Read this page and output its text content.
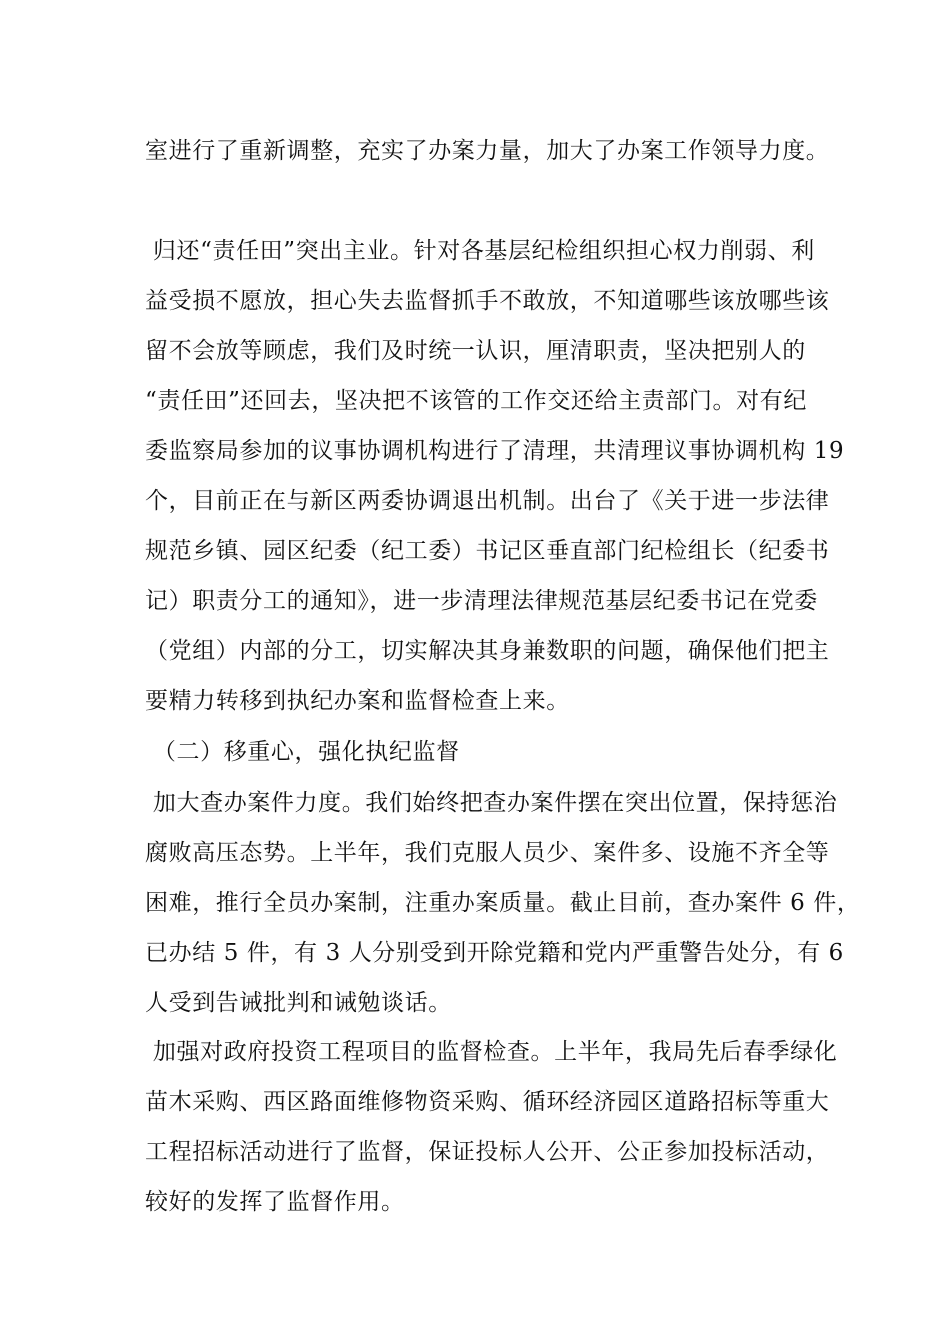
室进行了重新调整，充实了办案力量，加大了办案工作领导力度。
归还“责任田”突出主业。针对各基层纪检组织担心权力削弱、利
益受损不愿放，担心失去监督抓手不敢放，不知道哪些该放哪些该
留不会放等顾虑，我们及时统一认识，厘清职责，坚决把别人的
“责任田”还回去，坚决把不该管的工作交还给主责部门。对有纪
委监察局参加的议事协调机构进行了清理，共清理议事协调机构 19
个，目前正在与新区两委协调退出机制。出台了《关于进一步法律
规范乡镇、园区纪委（纪工委）书记区垂直部门纪检组长（纪委书
记）职责分工的通知》，进一步清理法律规范基层纪委书记在党委
（党组）内部的分工，切实解决其身兼数职的问题，确保他们把主
要精力转移到执纪办案和监督检查上来。
（二）移重心，强化执纪监督
加大查办案件力度。我们始终把查办案件摆在突出位置，保持惩治
腐败高压态势。上半年，我们克服人员少、案件多、设施不齐全等
困难，推行全员办案制，注重办案质量。截止目前，查办案件 6 件，
已办结 5 件，有 3 人分别受到开除党籍和党内严重警告处分，有 6
人受到告诫批判和诫勉谈话。
加强对政府投资工程项目的监督检查。上半年，我局先后春季绿化
苗木采购、西区路面维修物资采购、循环经济园区道路招标等重大
工程招标活动进行了监督，保证投标人公开、公正参加投标活动，
较好的发挥了监督作用。
